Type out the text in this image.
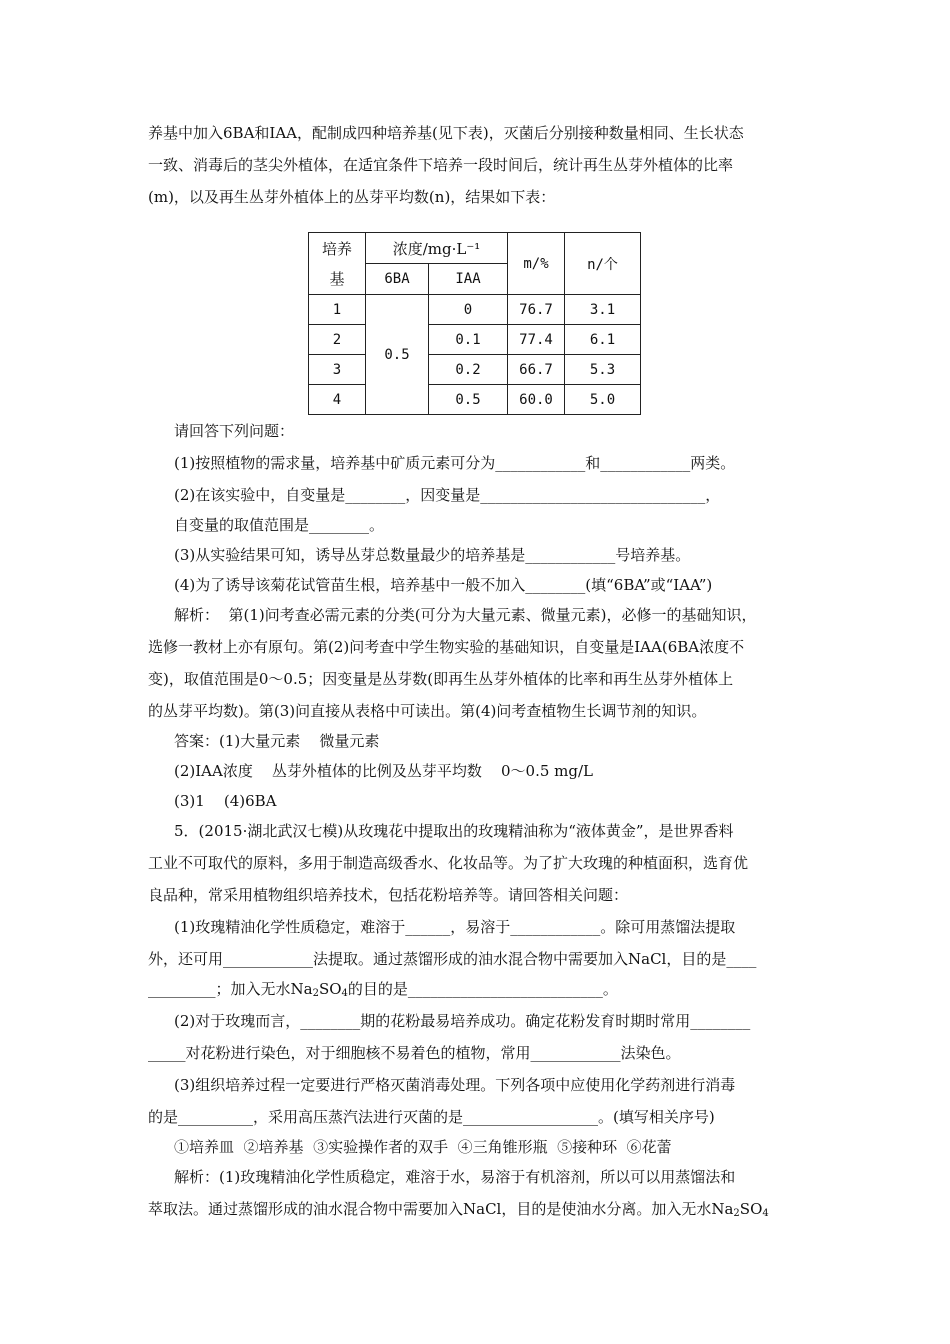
养基中加入6BA和IAA，配制成四种培养基(见下表)，灭菌后分别接种数量相同、生长状态
一致、消毒后的茎尖外植体，在适宜条件下培养一段时间后，统计再生丛芽外植体的比率
(m)，以及再生丛芽外植体上的丛芽平均数(n)，结果如下表：
培养基	浓度/mg·L⁻¹		m/%	n/个
	6BA	IAA		
1	0.5	0	76.7	3.1
2		0.1	77.4	6.1
3		0.2	66.7	5.3
4		0.5	60.0	5.0
请回答下列问题：
(1)按照植物的需求量，培养基中矿质元素可分为____________和____________两类。
(2)在该实验中，自变量是________，因变量是______________________________，
自变量的取值范围是________。
(3)从实验结果可知，诱导丛芽总数量最少的培养基是____________号培养基。
(4)为了诱导该菊花试管苗生根，培养基中一般不加入________(填“6BA”或“IAA”)
解析：  第(1)问考查必需元素的分类(可分为大量元素、微量元素)，必修一的基础知识，
选修一教材上亦有原句。第(2)问考查中学生物实验的基础知识，自变量是IAA(6BA浓度不
变)，取值范围是0～0.5；因变量是丛芽数(即再生丛芽外植体的比率和再生丛芽外植体上
的丛芽平均数)。第(3)问直接从表格中可读出。第(4)问考查植物生长调节剂的知识。
答案：(1)大量元素    微量元素
(2)IAA浓度    丛芽外植体的比例及丛芽平均数    0～0.5 mg/L
(3)1    (4)6BA
5．(2015·湖北武汉七模)从玫瑰花中提取出的玫瑰精油称为“液体黄金”，是世界香料
工业不可取代的原料，多用于制造高级香水、化妆品等。为了扩大玫瑰的种植面积，选育优
良品种，常采用植物组织培养技术，包括花粉培养等。请回答相关问题：
(1)玫瑰精油化学性质稳定，难溶于______，易溶于____________。除可用蒸馏法提取
外，还可用____________法提取。通过蒸馏形成的油水混合物中需要加入NaCl，目的是____
_________；加入无水$Na_2SO_4$的目的是__________________________。
(2)对于玫瑰而言，________期的花粉最易培养成功。确定花粉发育时期时常用________
_____对花粉进行染色，对于细胞核不易着色的植物，常用____________法染色。
(3)组织培养过程一定要进行严格灭菌消毒处理。下列各项中应使用化学药剂进行消毒
的是__________，采用高压蒸汽法进行灭菌的是__________________。(填写相关序号)
①培养皿  ②培养基  ③实验操作者的双手  ④三角锥形瓶  ⑤接种环  ⑥花蕾
解析：(1)玫瑰精油化学性质稳定，难溶于水，易溶于有机溶剂，所以可以用蒸馏法和
萃取法。通过蒸馏形成的油水混合物中需要加入NaCl，目的是使油水分离。加入无水$Na_2SO_4$
